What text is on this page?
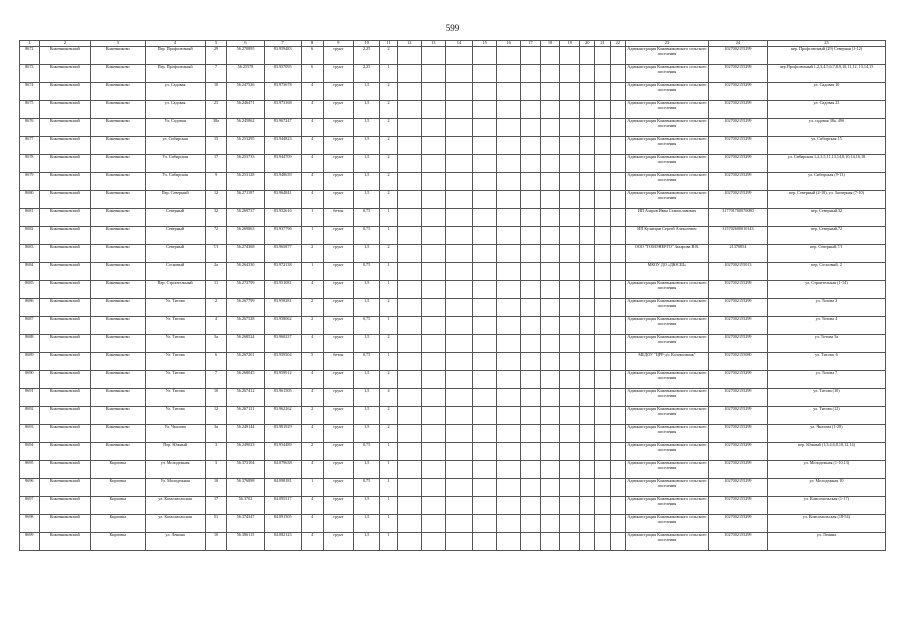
599
1	2	3	4	5	6	7	8	9	10	11	12	13	14	15	16	17	18	19	20	21	22	23	24	25
8672	Кожевниковский	Кожевниково	Пер. Профсоюзный	29	56.270895	83.959483	6	грунт	2,25	2												Администрация Кожевниковского сельского поселения	1027002155299	пер. Профсоюзный (29) Северная (1-12)
8673	Кожевниковский	Кожевниково	Пер. Профсоюзный	7	56.25578	83.957095	6	грунт	2,25	1												Администрация Кожевниковского сельского поселения	1027002155299	пер.Профсоюзный 1,2,3,4,5,6,7,8,9,10,11,12, 13,14,15
8674	Кожевниковский	Кожевниково	ул. Садовая	10	56.247526	83.973678	4	грунт	1,5	2												Администрация Кожевниковского сельского поселения	1027002155299	ул. Садовая 10
8675	Кожевниковский	Кожевниково	ул. Садовая	23	56.246471	83.973168	4	грунт	1,5	2												Администрация Кожевниковского сельского поселения	1027002155299	ул. Садовая 23
8676	Кожевниковский	Кожевниково	Ул. Садовая	38а	56.245862	83.967247	4	грунт	1,5	2												Администрация Кожевниковского сельского поселения	1027002155299	ул. садовая 38а, 49б
8677	Кожевниковский	Кожевниково	ул. Сибирская	15	56.253295	83.944823	4	грунт	1,5	2												Администрация Кожевниковского сельского поселения	1027002155299	ул. Сибирская 15
8678	Кожевниковский	Кожевниково	Ул. Сибирская	17	56.253733	83.944709	4	грунт	1,5	2												Администрация Кожевниковского сельского поселения	1027002155299	ул. Сибирская 1,2,3,5,11,13,14,8,10,14,16,18
8679	Кожевниковский	Кожевниково	Ул. Сибирская	9	56.253128	83.948639	4	грунт	1,5	2												Администрация Кожевниковского сельского поселения	1027002155299	ул. Сибирская (9-13)
8680	Кожевниковский	Кожевниково	Пер. Северный	12	56.271197	83.964841	4	грунт	1,5	2												Администрация Кожевниковского сельского поселения	1027002155299	пер. Северный (2-18), ул. Заозерная (7-10)
8681	Кожевниковский	Кожевниково	Северный	32	56.269737	83.952616	1	бетон	0,75	1												ИП Азаров Иван Станиславович	317701700070080	пер. Северный,32
8682	Кожевниковский	Кожевниково	Северный	72	56.269863	83.937796	1	грунт	0,75	1												ИП Кузнецов Сергей Алексеевич	315702600010143	пер. Северный,72
8683	Кожевниковский	Кожевниково	Северный	7/1	56.274368	83.965877	2	грунт	1,5	2												ООО "ТОМЭНЕРГО" Захарова В.В.	21370854	пер. Северный,7/1
8684	Кожевниковский	Кожевниково	Сосновый	2а	56.264330	83.972138	1	грунт	0,75	1												МКОУ ДО «ДЮСШ»	1027002155013	пер. Сосновый, 2
8685	Кожевниковский	Кожевниково	Пер. Строительный	11	56.273799	83.951081	4	грунт	1,5	1												Администрация Кожевниковского сельского поселения	1027002155299	ул. Строительная (1-14)
8686	Кожевниковский	Кожевниково	Ул. Титова	2	56.267799	83.958281	2	грунт	1,5	2												Администрация Кожевниковского сельского поселения	1027002155299	ул. Титова 2
8687	Кожевниковский	Кожевниково	Ул. Титова	4	56.267528	83.958062	2	грунт	0,75	1												Администрация Кожевниковского сельского поселения	1027002155299	ул. Титова 4
8688	Кожевниковский	Кожевниково	Ул. Титова	5а	56.268524	83.960237	4	грунт	1,5	2												Администрация Кожевниковского сельского поселения	1027002155299	ул. Титова 5а
8689	Кожевниковский	Кожевниково	Ул. Титова	6	56.267201	83.959504	5	бетон	0,75	1												МБДОУ "ЦРР-д/с Колокольчик"	1027002155080	ул. Титова, 6
8690	Кожевниковский	Кожевниково	Ул. Титова	7	56.268045	83.959912	4	грунт	1,5	2												Администрация Кожевниковского сельского поселения	1027002155299	ул. Титова 7
8691	Кожевниковский	Кожевниково	Ул. Титова	10	56.267412	83.961505	4	грунт	1,5	4												Администрация Кожевниковского сельского поселения	1027002155299	ул. Титова (10)
8692	Кожевниковский	Кожевниково	Ул. Титова	12	56.267121	83.962262	2	грунт	1,5	2												Администрация Кожевниковского сельского поселения	1027002155299	ул. Титова (12)
8693	Кожевниковский	Кожевниково	Ул. Чкалова	3а	56.249144	83.981929	4	грунт	1,5	2												Администрация Кожевниковского сельского поселения	1027002155299	ул. Чкалова (1-20)
8694	Кожевниковский	Кожевниково	Пер. Южный	3	56.249023	83.954489	2	грунт	0,75	1												Администрация Кожевниковского сельского поселения	1027002155299	пер. Южный (1,3,4,6,8,10,12,14)
8695	Кожевниковский	Кирговка	ул. Молодежная	3	56.373104	84.079638	4	грунт	1,5	1												Администрация Кожевниковского сельского поселения	1027002155299	ул. Молодежная (1-10,13)
8696	Кожевниковский	Кирговка	Ул. Молодежная	10	56.376898	84.098181	1	грунт	0,75	1												Администрация Кожевниковского сельского поселения	1027002155299	ул. Молодежная 10
8697	Кожевниковский	Кирговка	ул. Комсомольская	17	56.3702	84.095517	4	грунт	1,5	1												Администрация Кожевниковского сельского поселения	1027002155299	ул. Комсомольская (1-17)
8698	Кожевниковский	Кирговка	ул. Комсомольская	51	56.374347	84.091505	4	грунт	1,5	1												Администрация Кожевниковского сельского поселения	1027002155299	ул. Комсомольская (18-54)
8699	Кожевниковский	Кирговка	ул. Ленина	10	56.386115	84.082123	4	грунт	1,5	1												Администрация Кожевниковского сельского поселения	1027002155299	ул. Ленина
